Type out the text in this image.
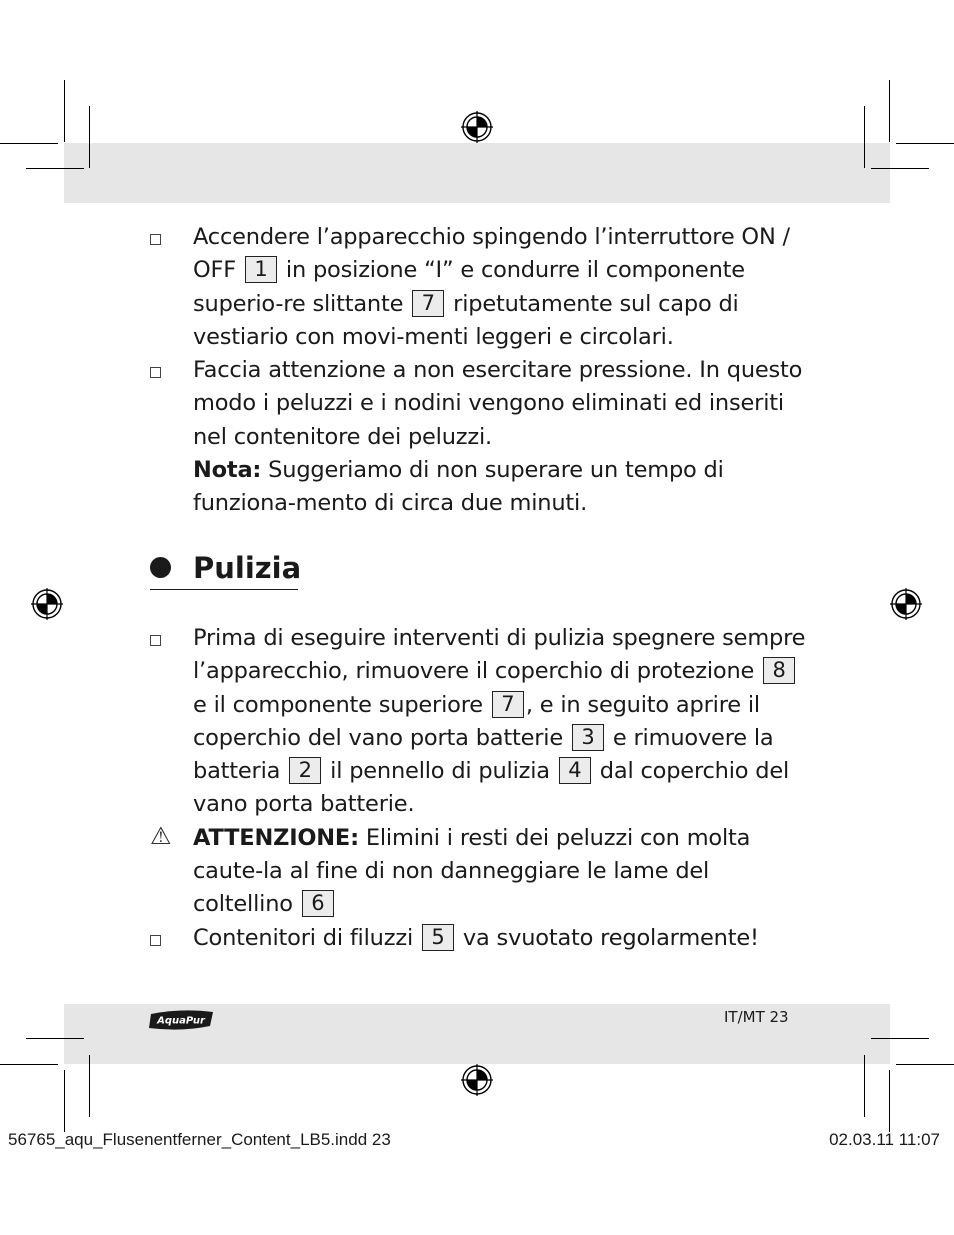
Accendere l’apparecchio spingendo l’interruttore ON / OFF 1 in posizione “I” e condurre il componente superio-re slittante 7 ripetutamente sul capo di vestiario con movi-menti leggeri e circolari.
Faccia attenzione a non esercitare pressione. In questo modo i peluzzi e i nodini vengono eliminati ed inseriti nel contenitore dei peluzzi.
Nota: Suggeriamo di non superare un tempo di funziona-mento di circa due minuti.
Pulizia
Prima di eseguire interventi di pulizia spegnere sempre l’apparecchio, rimuovere il coperchio di protezione 8 e il componente superiore 7 , e in seguito aprire il coperchio del vano porta batterie 3 e rimuovere la batteria 2 il pennello di pulizia 4 dal coperchio del vano porta batterie.
⚠ ATTENZIONE: Elimini i resti dei peluzzi con molta caute-la al fine di non danneggiare le lame del coltellino 6
Contenitori di filuzzi 5 va svuotato regolarmente!
AquaPur	IT/MT 23
56765_aqu_Flusenentferner_Content_LB5.indd 23	02.03.11 11:07
